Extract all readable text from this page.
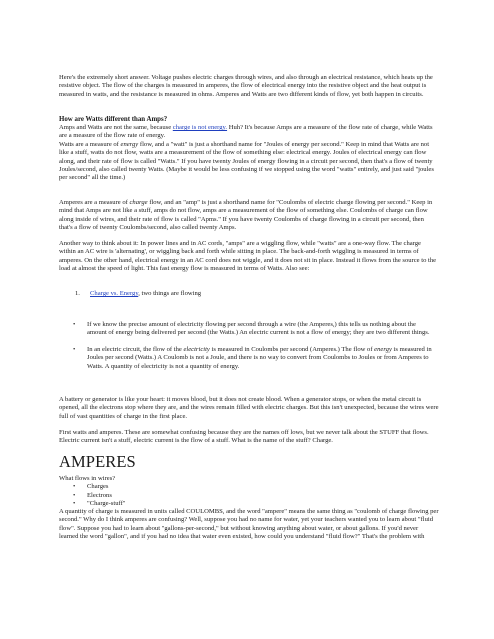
Here's the extremely short answer. Voltage pushes electric charges through wires, and also through an electrical resistance, which heats up the resistive object. The flow of the charges is measured in amperes, the flow of electrical energy into the resistive object and the heat output is measured in watts, and the resistance is measured in ohms. Amperes and Watts are two different kinds of flow, yet both happen in circuits.

How are Watts different than Amps?

Amps and Watts are not the same, because charge is not energy. Huh? It's because Amps are a measure of the flow rate of charge, while Watts are a measure of the flow rate of energy.

Watts are a measure of energy flow, and a "watt" is just a shorthand name for "Joules of energy per second." Keep in mind that Watts are not like a stuff, watts do not flow, watts are a measurement of the flow of something else: electrical energy. Joules of electrical energy can flow along, and their rate of flow is called "Watts." If you have twenty Joules of energy flowing in a circuit per second, then that's a flow of twenty Joules/second, also called twenty Watts. (Maybe it would be less confusing if we stopped using the word "watts" entirely, and just said "joules per second" all the time.)

Amperes are a measure of charge flow, and an "amp" is just a shorthand name for "Coulombs of electric charge flowing per second." Keep in mind that Amps are not like a stuff, amps do not flow, amps are a measurement of the flow of something else. Coulombs of charge can flow along inside of wires, and their rate of flow is called "Apms." If you have twenty Coulombs of charge flowing in a circuit per second, then that's a flow of twenty Coulombs/second, also called twenty Amps.

Another way to think about it: In power lines and in AC cords, "amps" are a wiggling flow, while "watts" are a one-way flow. The charge within an AC wire is 'alternating', or wiggling back and forth while sitting in place. The back-and-forth wiggling is measured in terms of amperes. On the other hand, electrical energy in an AC cord does not wiggle, and it does not sit in place. Instead it flows from the source to the load at almost the speed of light. This fast energy flow is measured in terms of Watts. Also see:

1. Charge vs. Energy, two things are flowing
• If we know the precise amount of electricity flowing per second through a wire (the Amperes,) this tells us nothing about the amount of energy being delivered per second (the Watts.) An electric current is not a flow of energy; they are two different things.

• In an electric circuit, the flow of the electricity is measured in Coulombs per second (Amperes.) The flow of energy is measured in Joules per second (Watts.) A Coulomb is not a Joule, and there is no way to convert from Coulombs to Joules or from Amperes to Watts. A quantity of electricity is not a quantity of energy.

A battery or generator is like your heart: it moves blood, but it does not create blood. When a generator stops, or when the metal circuit is opened, all the electrons stop where they are, and the wires remain filled with electric charges. But this isn't unexpected, because the wires were full of vast quantities of charge in the first place.

First watts and amperes. These are somewhat confusing because they are the names off lows, but we never talk about the STUFF that flows. Electric current isn't a stuff, electric current is the flow of a stuff. What is the name of the stuff? Charge.

AMPERES

What flows in wires?

• Charges
• Electrons
• "Charge-stuff"

A quantity of charge is measured in units called COULOMBS, and the word "ampere" means the same thing as "coulomb of charge flowing per second." Why do I think amperes are confusing? Well, suppose you had no name for water, yet your teachers wanted you to learn about "fluid flow". Suppose you had to learn about "gallons-per-second," but without knowing anything about water, or about gallons. If you'd never learned the word "gallon", and if you had no idea that water even existed, how could you understand "fluid flow?" That's the problem with
